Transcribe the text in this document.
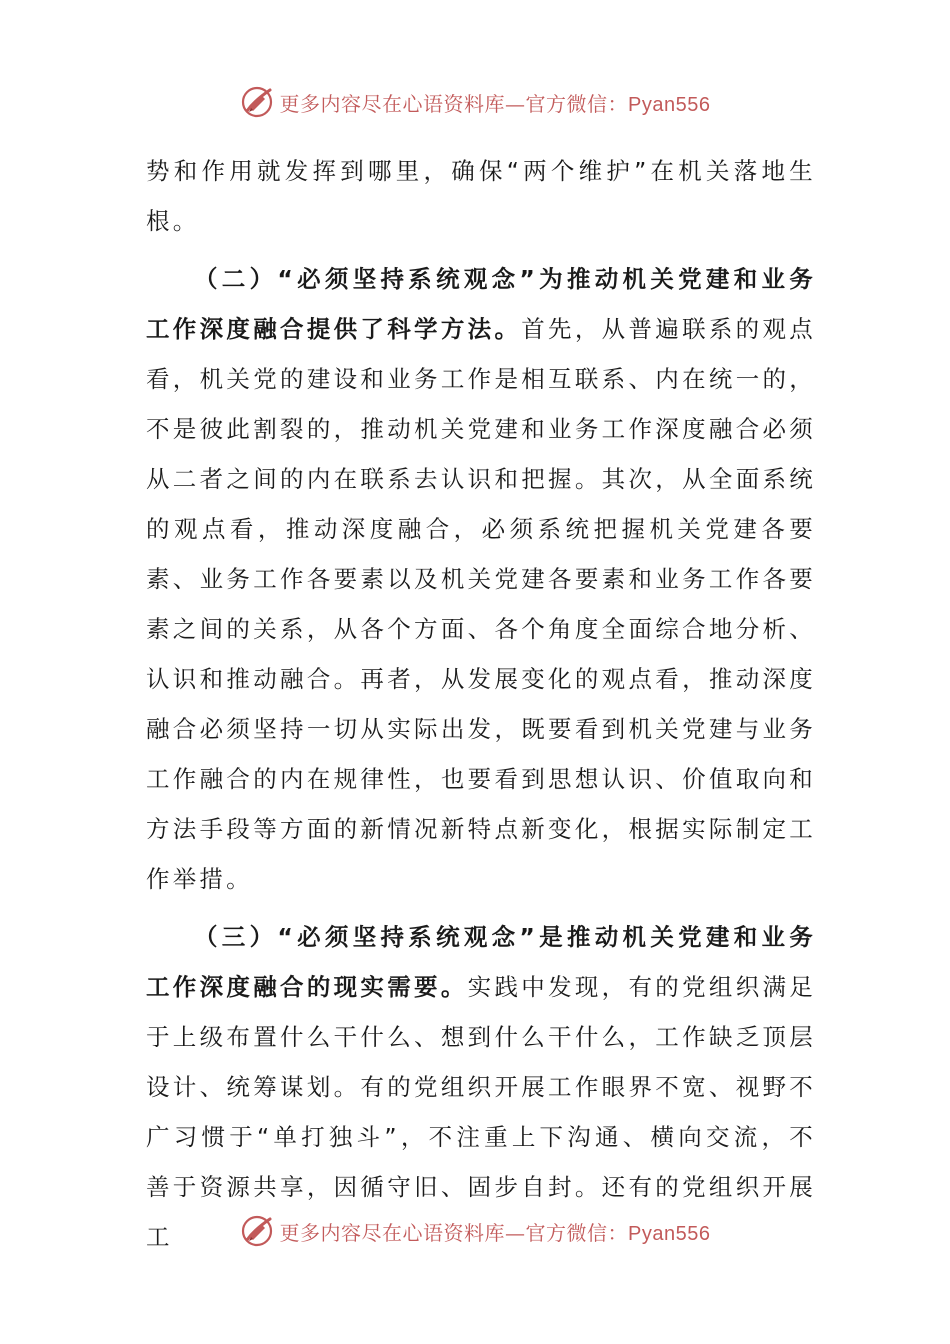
更多内容尽在心语资料库—官方微信：Pyan556

势和作用就发挥到哪里，确保“两个维护”在机关落地生根。

（二）“必须坚持系统观念”为推动机关党建和业务工作深度融合提供了科学方法。首先，从普遍联系的观点看，机关党的建设和业务工作是相互联系、内在统一的，不是彼此割裂的，推动机关党建和业务工作深度融合必须从二者之间的内在联系去认识和把握。其次，从全面系统的观点看，推动深度融合，必须系统把握机关党建各要素、业务工作各要素以及机关党建各要素和业务工作各要素之间的关系，从各个方面、各个角度全面综合地分析、认识和推动融合。再者，从发展变化的观点看，推动深度融合必须坚持一切从实际出发，既要看到机关党建与业务工作融合的内在规律性，也要看到思想认识、价值取向和方法手段等方面的新情况新特点新变化，根据实际制定工作举措。

（三）“必须坚持系统观念”是推动机关党建和业务工作深度融合的现实需要。实践中发现，有的党组织满足于上级布置什么干什么、想到什么干什么，工作缺乏顶层设计、统筹谋划。有的党组织开展工作眼界不宽、视野不广习惯于“单打独斗”，不注重上下沟通、横向交流，不善于资源共享，因循守旧、固步自封。还有的党组织开展工	更多内容尽在心语资料库—官方微信：Pyan556
